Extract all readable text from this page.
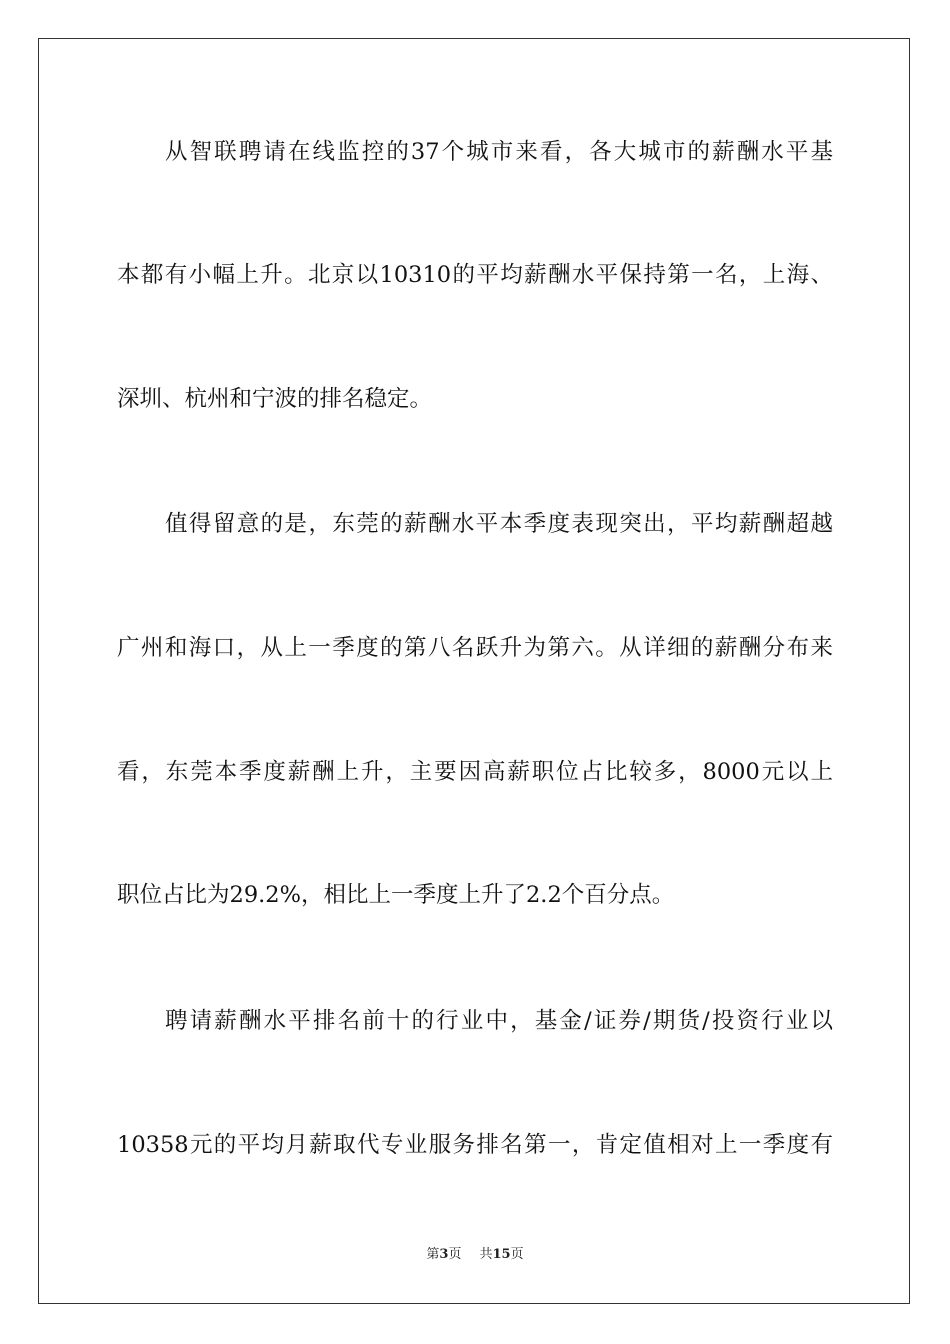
从智联聘请在线监控的37个城市来看，各大城市的薪酬水平基
本都有小幅上升。北京以10310的平均薪酬水平保持第一名，上海、
深圳、杭州和宁波的排名稳定。
值得留意的是，东莞的薪酬水平本季度表现突出，平均薪酬超越
广州和海口，从上一季度的第八名跃升为第六。从详细的薪酬分布来
看，东莞本季度薪酬上升，主要因高薪职位占比较多，8000元以上
职位占比为29.2%，相比上一季度上升了2.2个百分点。
聘请薪酬水平排名前十的行业中，基金/证券/期货/投资行业以
10358元的平均月薪取代专业服务排名第一，肯定值相对上一季度有
第3页 共15页
